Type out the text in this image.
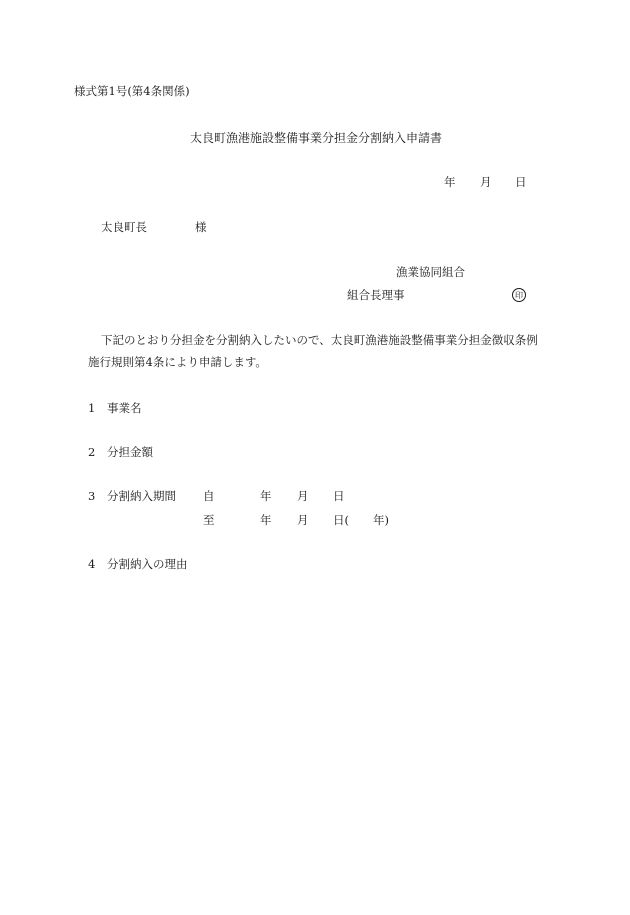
様式第1号(第4条関係)
太良町漁港施設整備事業分担金分割納入申請書
年 月 日
太良町長	様
漁業協同組合
組合長理事	印
下記のとおり分担金を分割納入したいので、太良町漁港施設整備事業分担金徴収条例
施行規則第4条により申請します。
1 事業名
2 分担金額
3 分割納入期間 自	年 月 日
至	年 月 日( 年)
4 分割納入の理由
